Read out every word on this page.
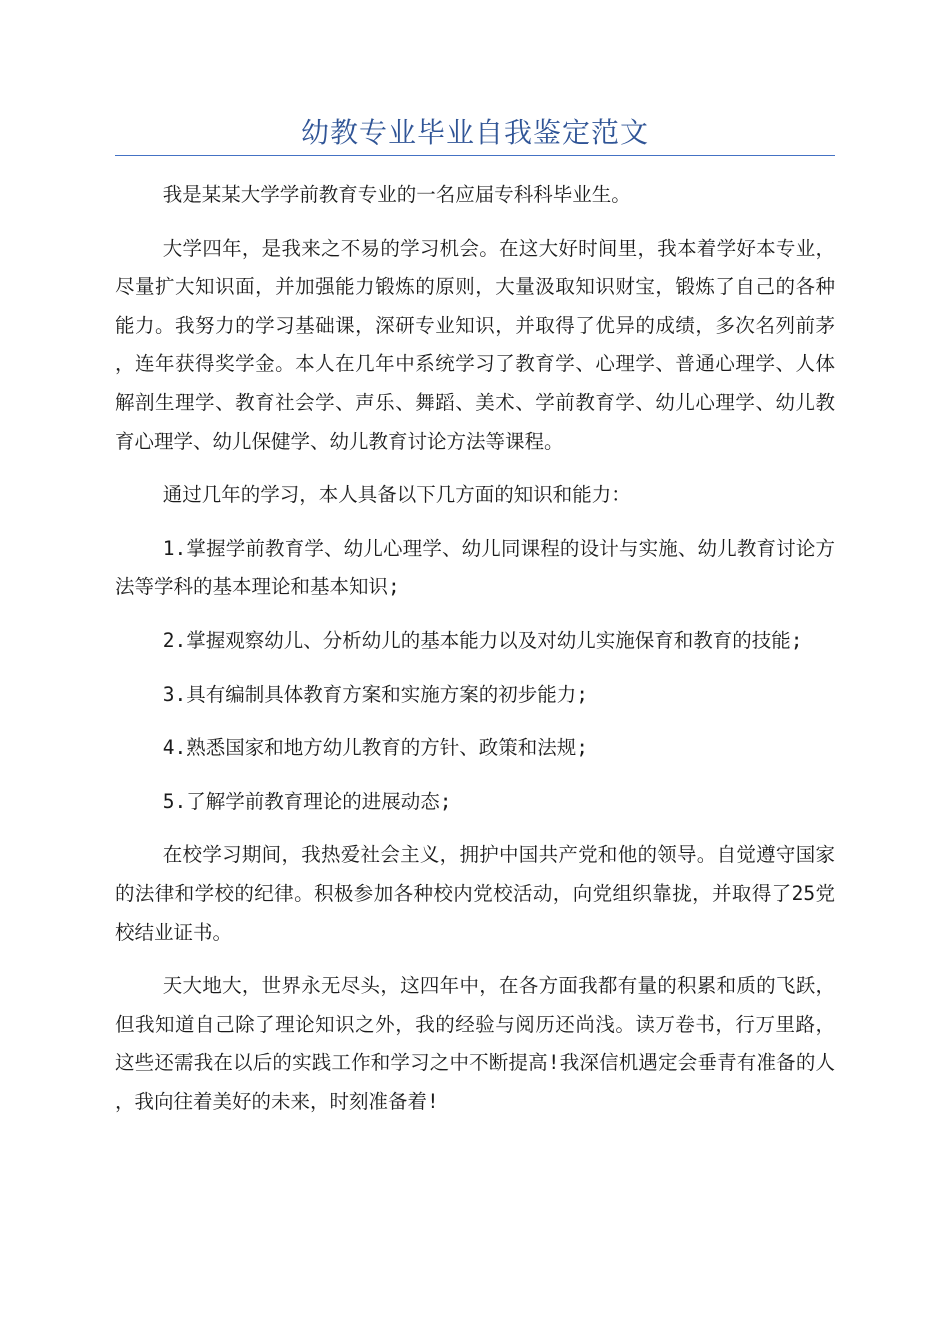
幼教专业毕业自我鉴定范文

我是某某大学学前教育专业的一名应届专科科毕业生。

大学四年，是我来之不易的学习机会。在这大好时间里，我本着学好本专业，尽量扩大知识面，并加强能力锻炼的原则，大量汲取知识财宝，锻炼了自己的各种能力。我努力的学习基础课，深研专业知识，并取得了优异的成绩，多次名列前茅，连年获得奖学金。本人在几年中系统学习了教育学、心理学、普通心理学、人体解剖生理学、教育社会学、声乐、舞蹈、美术、学前教育学、幼儿心理学、幼儿教育心理学、幼儿保健学、幼儿教育讨论方法等课程。

通过几年的学习，本人具备以下几方面的知识和能力：

1.掌握学前教育学、幼儿心理学、幼儿同课程的设计与实施、幼儿教育讨论方法等学科的基本理论和基本知识;

2.掌握观察幼儿、分析幼儿的基本能力以及对幼儿实施保育和教育的技能;

3.具有编制具体教育方案和实施方案的初步能力;

4.熟悉国家和地方幼儿教育的方针、政策和法规;

5.了解学前教育理论的进展动态;

在校学习期间，我热爱社会主义，拥护中国共产党和他的领导。自觉遵守国家的法律和学校的纪律。积极参加各种校内党校活动，向党组织靠拢，并取得了25党校结业证书。

天大地大，世界永无尽头，这四年中，在各方面我都有量的积累和质的飞跃，但我知道自己除了理论知识之外，我的经验与阅历还尚浅。读万卷书，行万里路，这些还需我在以后的实践工作和学习之中不断提高!我深信机遇定会垂青有准备的人，我向往着美好的未来，时刻准备着!
